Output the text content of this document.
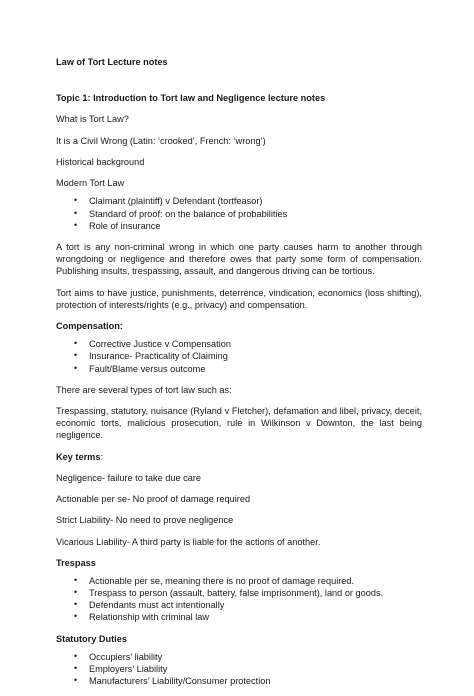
Law of Tort Lecture notes

Topic 1: Introduction to Tort law and Negligence lecture notes

What is Tort Law?

It is a Civil Wrong (Latin: ‘crooked’, French: ‘wrong’)

Historical background

Modern Tort Law

• Claimant (plaintiff) v Defendant (tortfeasor)
• Standard of proof: on the balance of probabilities
• Role of insurance

A tort is any non-criminal wrong in which one party causes harm to another through wrongdoing or negligence and therefore owes that party some form of compensation. Publishing insults, trespassing, assault, and dangerous driving can be tortious.

Tort aims to have justice, punishments, deterrence, vindication, economics (loss shifting), protection of interests/rights (e.g., privacy) and compensation.

Compensation:

• Corrective Justice v Compensation
• Insurance- Practicality of Claiming
• Fault/Blame versus outcome

There are several types of tort law such as:

Trespassing, statutory, nuisance (Ryland v Fletcher), defamation and libel, privacy, deceit, economic torts, malicious prosecution, rule in Wilkinson v Downton, the last being negligence.

Key terms:

Negligence- failure to take due care

Actionable per se- No proof of damage required

Strict Liability- No need to prove negligence

Vicarious Liability- A third party is liable for the actions of another.

Trespass

• Actionable per se, meaning there is no proof of damage required.
• Trespass to person (assault, battery, false imprisonment), land or goods.
• Defendants must act intentionally
• Relationship with criminal law

Statutory Duties

• Occupiers’ liability
• Employers’ Liability
• Manufacturers’ Liability/Consumer protection
